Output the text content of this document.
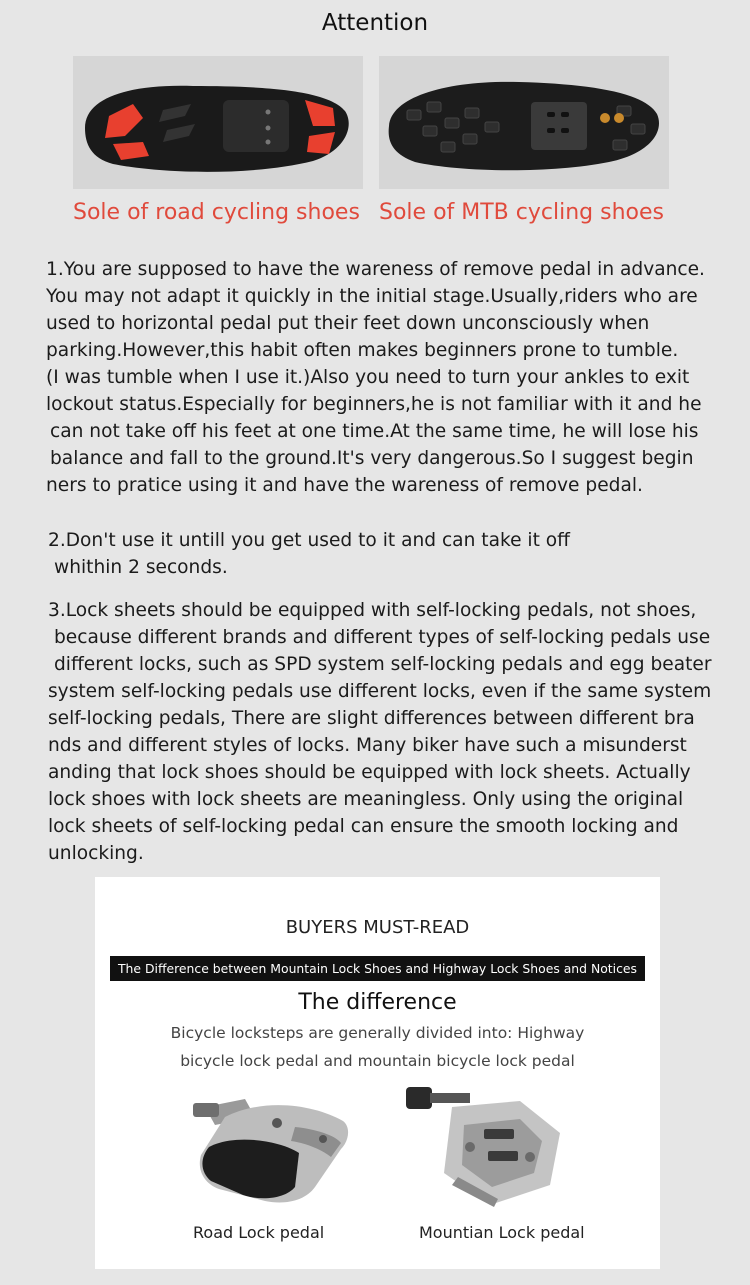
Attention
Sole of road cycling shoes Sole of MTB cycling shoes
1.You are supposed to have the wareness of remove pedal in advance.
You may not adapt it quickly in the initial stage.Usually,riders who are
used to horizontal pedal put their feet down unconsciously when
parking.However,this habit often makes beginners prone to tumble.
(I was tumble when I use it.)Also you need to turn your ankles to exit
lockout status.Especially for beginners,he is not familiar with it and he
can not take off his feet at one time.At the same time, he will lose his
balance and fall to the ground.It's very dangerous.So I suggest begin
ners to pratice using it and have the wareness of remove pedal.
2.Don't use it untill you get used to it and can take it off
whithin 2 seconds.
3.Lock sheets should be equipped with self-locking pedals, not shoes,
because different brands and different types of self-locking pedals use
different locks, such as SPD system self-locking pedals and egg beater
system self-locking pedals use different locks, even if the same system
self-locking pedals, There are slight differences between different bra
nds and different styles of locks. Many biker have such a misunderst
anding that lock shoes should be equipped with lock sheets. Actually
lock shoes with lock sheets are meaningless. Only using the original
lock sheets of self-locking pedal can ensure the smooth locking and
unlocking.
BUYERS MUST-READ
The Difference between Mountain Lock Shoes and Highway Lock Shoes and Notices
The difference
Bicycle locksteps are generally divided into: Highway
bicycle lock pedal and mountain bicycle lock pedal
Road Lock pedal	Mountian Lock pedal
